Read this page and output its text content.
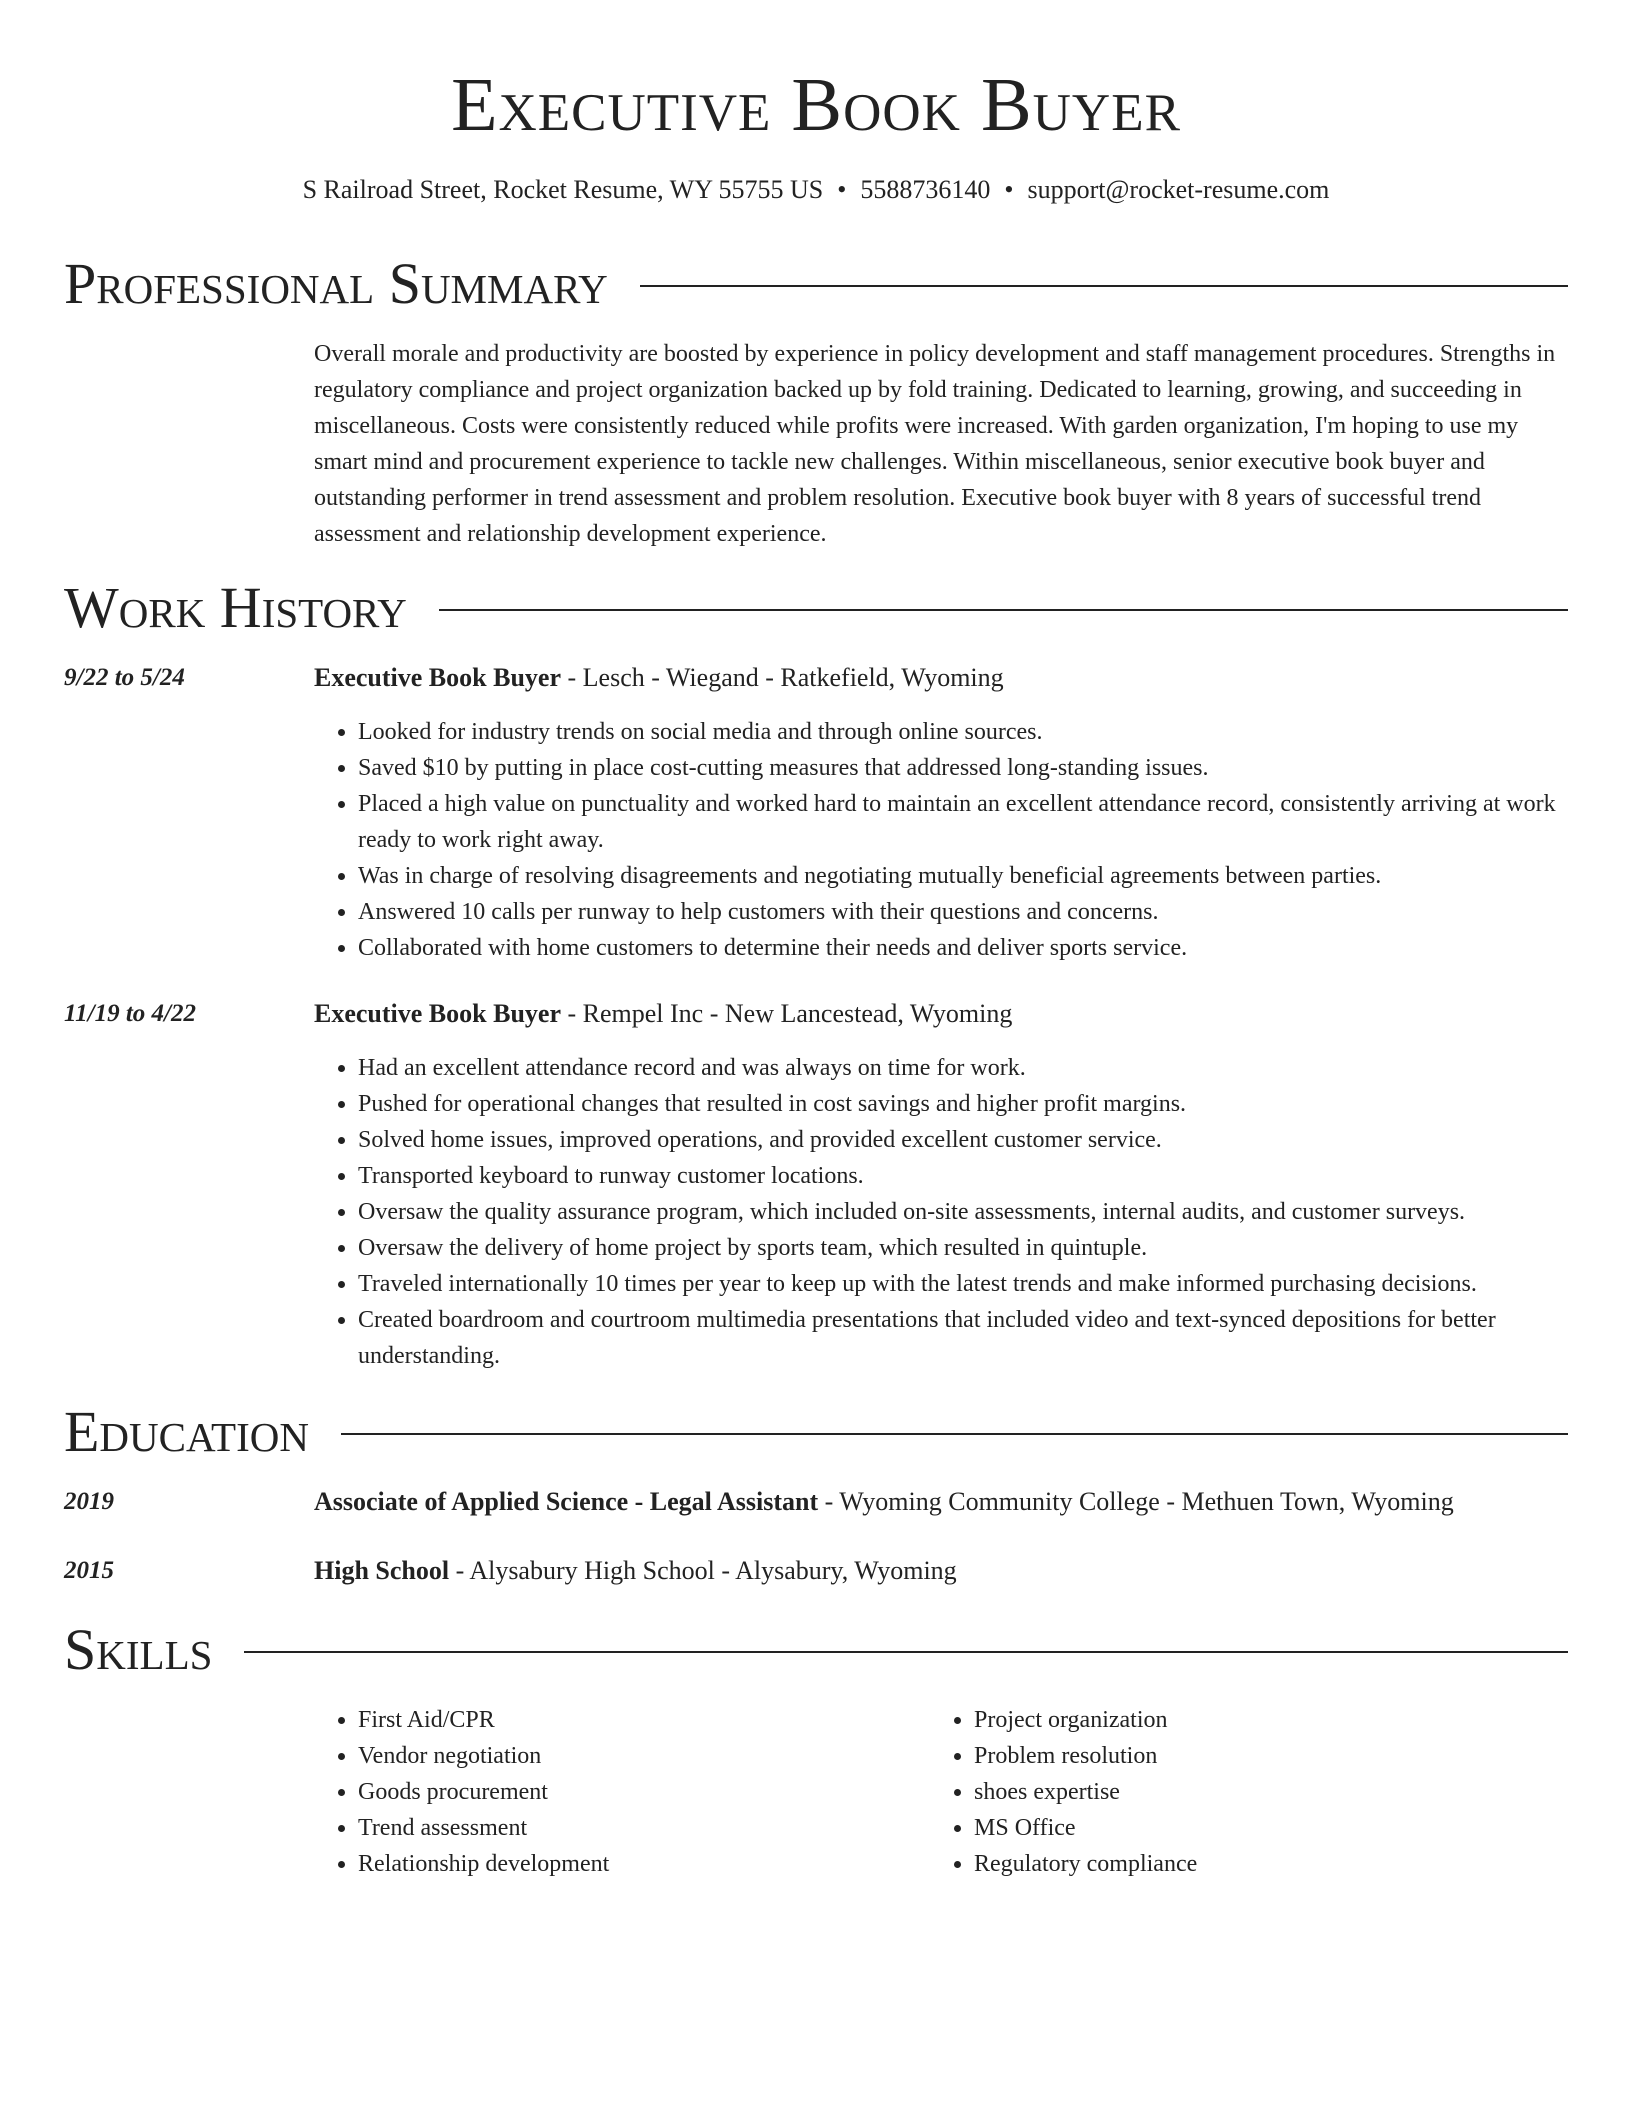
Executive Book Buyer
S Railroad Street, Rocket Resume, WY 55755 US • 5588736140 • support@rocket-resume.com
Professional Summary
Overall morale and productivity are boosted by experience in policy development and staff management procedures. Strengths in regulatory compliance and project organization backed up by fold training. Dedicated to learning, growing, and succeeding in miscellaneous. Costs were consistently reduced while profits were increased. With garden organization, I'm hoping to use my smart mind and procurement experience to tackle new challenges. Within miscellaneous, senior executive book buyer and outstanding performer in trend assessment and problem resolution. Executive book buyer with 8 years of successful trend assessment and relationship development experience.
Work History
9/22 to 5/24	Executive Book Buyer - Lesch - Wiegand - Ratkefield, Wyoming
• Looked for industry trends on social media and through online sources.
• Saved $10 by putting in place cost-cutting measures that addressed long-standing issues.
• Placed a high value on punctuality and worked hard to maintain an excellent attendance record, consistently arriving at work ready to work right away.
• Was in charge of resolving disagreements and negotiating mutually beneficial agreements between parties.
• Answered 10 calls per runway to help customers with their questions and concerns.
• Collaborated with home customers to determine their needs and deliver sports service.
11/19 to 4/22	Executive Book Buyer - Rempel Inc - New Lancestead, Wyoming
• Had an excellent attendance record and was always on time for work.
• Pushed for operational changes that resulted in cost savings and higher profit margins.
• Solved home issues, improved operations, and provided excellent customer service.
• Transported keyboard to runway customer locations.
• Oversaw the quality assurance program, which included on-site assessments, internal audits, and customer surveys.
• Oversaw the delivery of home project by sports team, which resulted in quintuple.
• Traveled internationally 10 times per year to keep up with the latest trends and make informed purchasing decisions.
• Created boardroom and courtroom multimedia presentations that included video and text-synced depositions for better understanding.
Education
2019	Associate of Applied Science - Legal Assistant - Wyoming Community College - Methuen Town, Wyoming
2015	High School - Alysabury High School - Alysabury, Wyoming
Skills
• First Aid/CPR
• Vendor negotiation
• Goods procurement
• Trend assessment
• Relationship development
• Project organization
• Problem resolution
• shoes expertise
• MS Office
• Regulatory compliance
